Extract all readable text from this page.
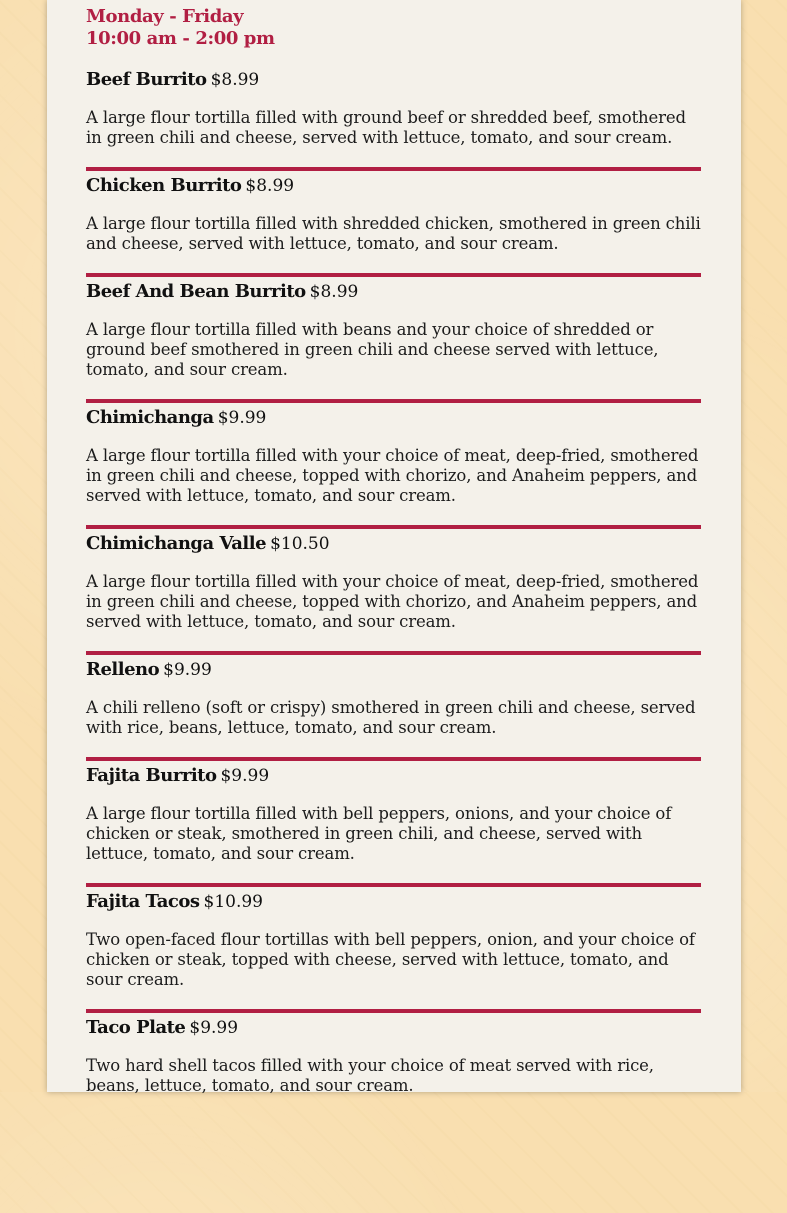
Monday - Friday
10:00 am - 2:00 pm
Beef Burrito $8.99
A large flour tortilla filled with ground beef or shredded beef, smothered in green chili and cheese, served with lettuce, tomato, and sour cream.
Chicken Burrito $8.99
A large flour tortilla filled with shredded chicken, smothered in green chili and cheese, served with lettuce, tomato, and sour cream.
Beef And Bean Burrito $8.99
A large flour tortilla filled with beans and your choice of shredded or ground beef smothered in green chili and cheese served with lettuce, tomato, and sour cream.
Chimichanga $9.99
A large flour tortilla filled with your choice of meat, deep-fried, smothered in green chili and cheese, topped with chorizo, and Anaheim peppers, and served with lettuce, tomato, and sour cream.
Chimichanga Valle $10.50
A large flour tortilla filled with your choice of meat, deep-fried, smothered in green chili and cheese, topped with chorizo, and Anaheim peppers, and served with lettuce, tomato, and sour cream.
Relleno $9.99
A chili relleno (soft or crispy) smothered in green chili and cheese, served with rice, beans, lettuce, tomato, and sour cream.
Fajita Burrito $9.99
A large flour tortilla filled with bell peppers, onions, and your choice of chicken or steak, smothered in green chili, and cheese, served with lettuce, tomato, and sour cream.
Fajita Tacos $10.99
Two open-faced flour tortillas with bell peppers, onion, and your choice of chicken or steak, topped with cheese, served with lettuce, tomato, and sour cream.
Taco Plate $9.99
Two hard shell tacos filled with your choice of meat served with rice, beans, lettuce, tomato, and sour cream.
